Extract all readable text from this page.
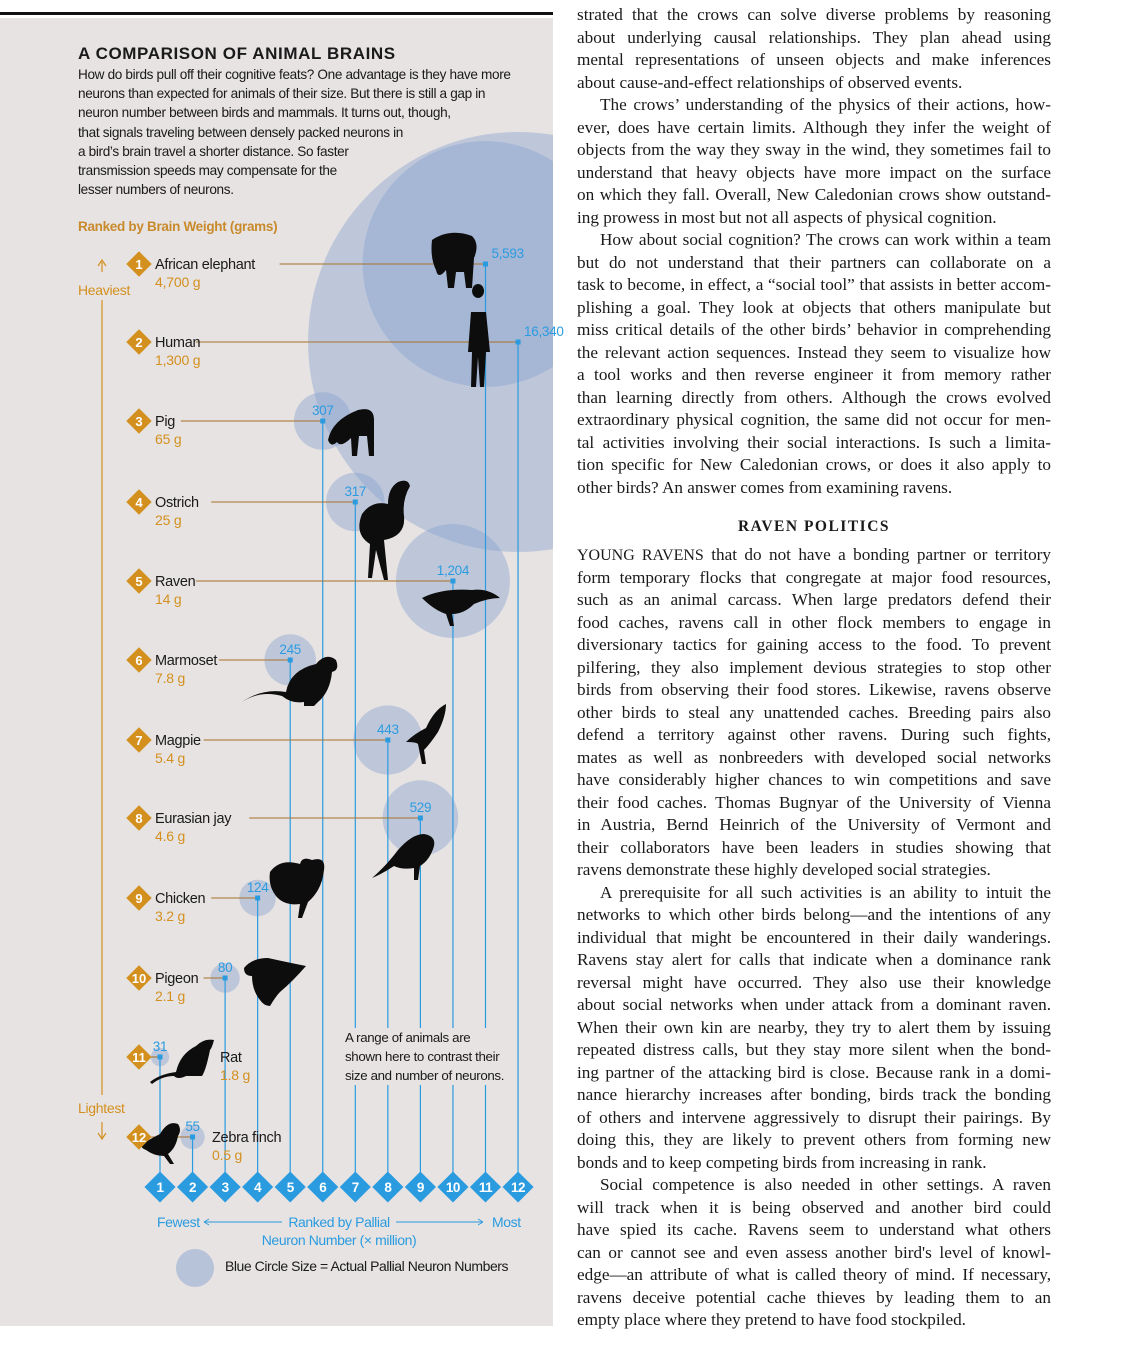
Heaviest
Lightest
5,593
1 African elephant
4,700 g
16,340
2 Human
1,300 g
307
3 Pig
65 g
317
4 Ostrich
25 g
1,204
5 Raven
14 g
245
6 Marmoset
7.8 g
443
7 Magpie
5.4 g
529
8 Eurasian jay
4.6 g
124
9 Chicken
3.2 g
80
10 Pigeon
2.1 g
31
11	Rat
1.8 g
55
12	Zebra finch
0.5 g
1 2 3 4 5 6 7 8 9 10 11 12
Fewest	Ranked by Pallial	Most
Neuron Number (× million)
Blue Circle Size = Actual Pallial Neuron Numbers
A COMPARISON OF ANIMAL BRAINS
How do birds pull off their cognitive feats? One advantage is they have more
neurons than expected for animals of their size. But there is still a gap in
neuron number between birds and mammals. It turns out, though,
that signals traveling between densely packed neurons in
a bird’s brain travel a shorter distance. So faster
transmission speeds may compensate for the
lesser numbers of neurons.
Ranked by Brain Weight (grams)
A range of animals are
shown here to contrast their
size and number of neurons.
strated that the crows can solve diverse problems by reasoning
about underlying causal relationships. They plan ahead using
mental representations of unseen objects and make inferences
about cause-and-effect relationships of observed events.
The crows’ understanding of the physics of their actions, how-
ever, does have certain limits. Although they infer the weight of
objects from the way they sway in the wind, they sometimes fail to
understand that heavy objects have more impact on the surface
on which they fall. Overall, New Caledonian crows show outstand-
ing prowess in most but not all aspects of physical cognition.
How about social cognition? The crows can work within a team
but do not understand that their partners can collaborate on a
task to become, in effect, a “social tool” that assists in better accom-
plishing a goal. They look at objects that others manipulate but
miss critical details of the other birds’ behavior in comprehending
the relevant action sequences. Instead they seem to visualize how
a tool works and then reverse engineer it from memory rather
than learning directly from others. Although the crows evolved
extraordinary physical cognition, the same did not occur for men-
tal activities involving their social interactions. Is such a limita-
tion specific for New Caledonian crows, or does it also apply to
other birds? An answer comes from examining ravens.
RAVEN POLITICS
YOUNG RAVENS that do not have a bonding partner or territory
form temporary flocks that congregate at major food resources,
such as an animal carcass. When large predators defend their
food caches, ravens call in other flock members to engage in
diversionary tactics for gaining access to the food. To prevent
pilfering, they also implement devious strategies to stop other
birds from observing their food stores. Likewise, ravens observe
other birds to steal any unattended caches. Breeding pairs also
defend a territory against other ravens. During such fights,
mates as well as nonbreeders with developed social networks
have considerably higher chances to win competitions and save
their food caches. Thomas Bugnyar of the University of Vienna
in Austria, Bernd Heinrich of the University of Vermont and
their collaborators have been leaders in studies showing that
ravens demonstrate these highly developed social strategies.
A prerequisite for all such activities is an ability to intuit the
networks to which other birds belong—and the intentions of any
individual that might be encountered in their daily wanderings.
Ravens stay alert for calls that indicate when a dominance rank
reversal might have occurred. They also use their knowledge
about social networks when under attack from a dominant raven.
When their own kin are nearby, they try to alert them by issuing
repeated distress calls, but they stay more silent when the bond-
ing partner of the attacking bird is close. Because rank in a domi-
nance hierarchy increases after bonding, birds track the bonding
of others and intervene aggressively to disrupt their pairings. By
doing this, they are likely to prevent others from forming new
bonds and to keep competing birds from increasing in rank.
Social competence is also needed in other settings. A raven
will track when it is being observed and another bird could
have spied its cache. Ravens seem to understand what others
can or cannot see and even assess another bird's level of knowl-
edge—an attribute of what is called theory of mind. If necessary,
ravens deceive potential cache thieves by leading them to an
empty place where they pretend to have food stockpiled.
